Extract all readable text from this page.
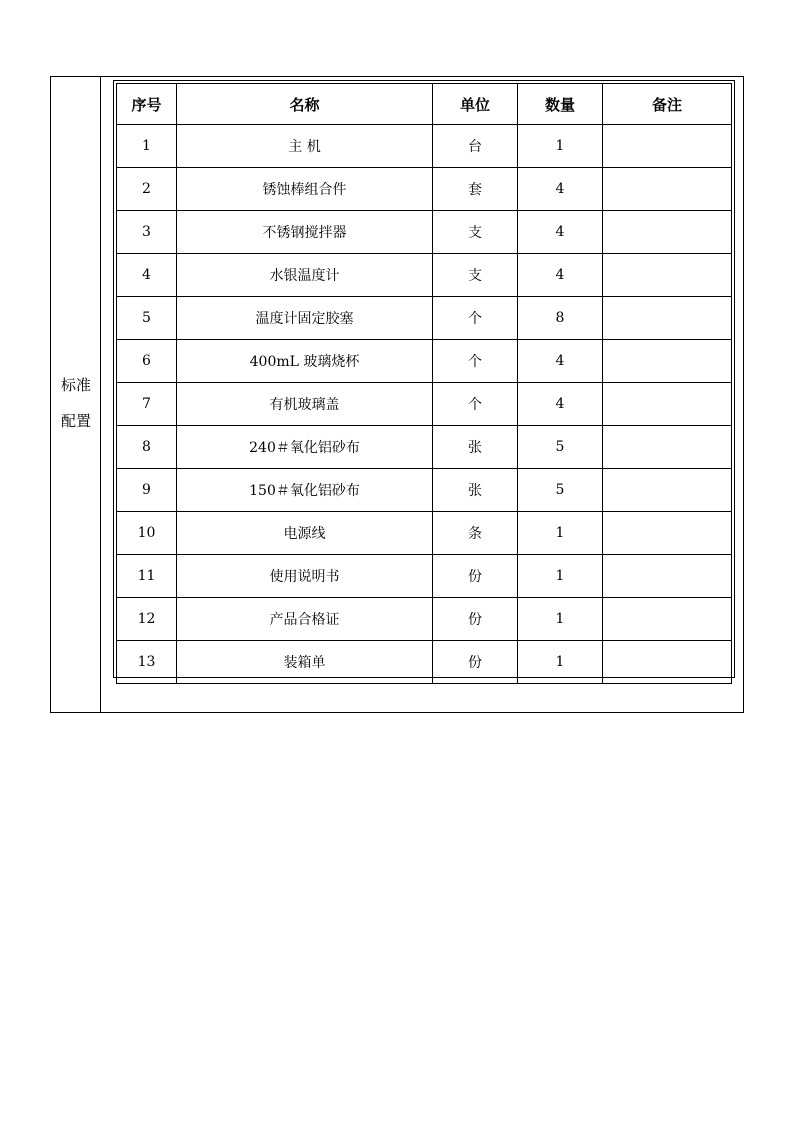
标准
配置
序号	名称	单位	数量	备注
1	主 机	台	1	
2	锈蚀棒组合件	套	4	
3	不锈钢搅拌器	支	4	
4	水银温度计	支	4	
5	温度计固定胶塞	个	8	
6	400mL 玻璃烧杯	个	4	
7	有机玻璃盖	个	4	
8	240＃氧化铝砂布	张	5	
9	150＃氧化铝砂布	张	5	
10	电源线	条	1	
11	使用说明书	份	1	
12	产品合格证	份	1	
13	装箱单	份	1	
